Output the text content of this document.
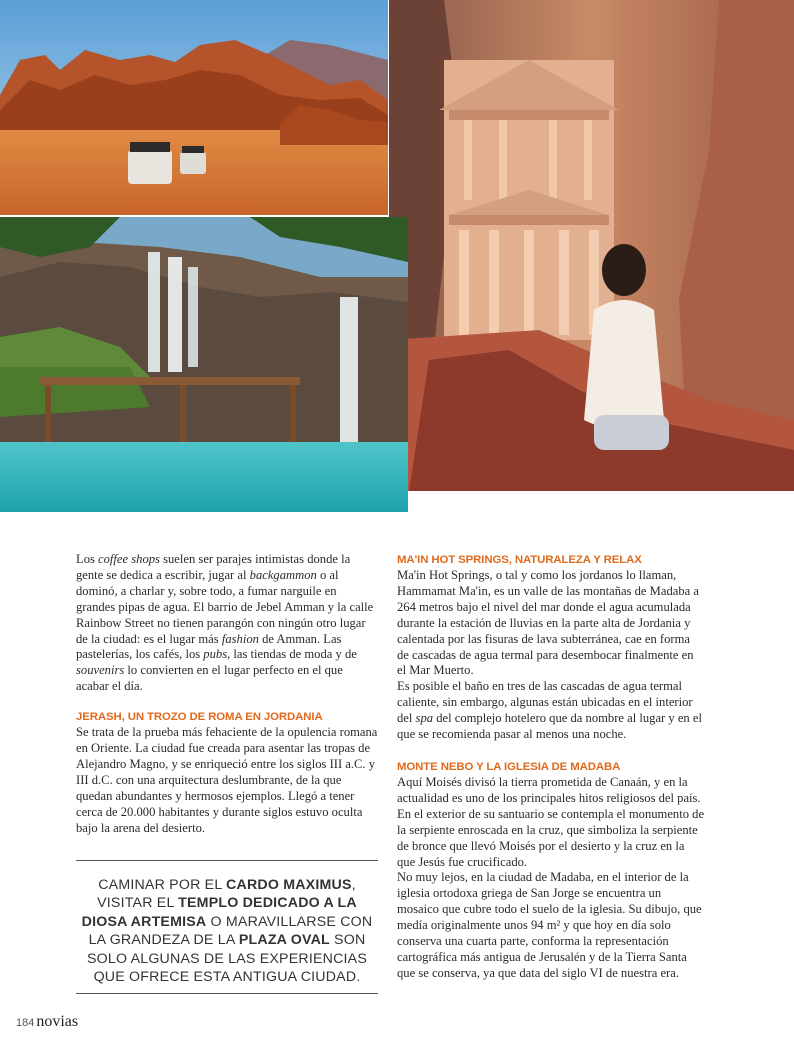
Los coffee shops suelen ser parajes intimistas donde la gente se dedica a escribir, jugar al backgammon o al dominó, a charlar y, sobre todo, a fumar narguile en grandes pipas de agua. El barrio de Jebel Amman y la calle Rainbow Street no tienen parangón con ningún otro lugar de la ciudad: es el lugar más fashion de Amman. Las pastelerías, los cafés, los pubs, las tiendas de moda y de souvenirs lo convierten en el lugar perfecto en el que acabar el día.

JERASH, UN TROZO DE ROMA EN JORDANIA

Se trata de la prueba más fehaciente de la opulencia romana en Oriente. La ciudad fue creada para asentar las tropas de Alejandro Magno, y se enriqueció entre los siglos III a.C. y III d.C. con una arquitectura deslumbrante, de la que quedan abundantes y hermosos ejemplos. Llegó a tener cerca de 20.000 habitantes y durante siglos estuvo oculta bajo la arena del desierto.

CAMINAR POR EL CARDO MAXIMUS, VISITAR EL TEMPLO DEDICADO A LA DIOSA ARTEMISA O MARAVILLARSE CON LA GRANDEZA DE LA PLAZA OVAL SON SOLO ALGUNAS DE LAS EXPERIENCIAS QUE OFRECE ESTA ANTIGUA CIUDAD.
MA'IN HOT SPRINGS, NATURALEZA Y RELAX

Ma'in Hot Springs, o tal y como los jordanos lo llaman, Hammamat Ma'in, es un valle de las montañas de Madaba a 264 metros bajo el nivel del mar donde el agua acumulada durante la estación de lluvias en la parte alta de Jordania y calentada por las fisuras de lava subterránea, cae en forma de cascadas de agua termal para desembocar finalmente en el Mar Muerto.

Es posible el baño en tres de las cascadas de agua termal caliente, sin embargo, algunas están ubicadas en el interior del spa del complejo hotelero que da nombre al lugar y en el que se recomienda pasar al menos una noche.

MONTE NEBO Y LA IGLESIA DE MADABA

Aquí Moisés divisó la tierra prometida de Canaán, y en la actualidad es uno de los principales hitos religiosos del país. En el exterior de su santuario se contempla el monumento de la serpiente enroscada en la cruz, que simboliza la serpiente de bronce que llevó Moisés por el desierto y la cruz en la que Jesús fue crucificado.

No muy lejos, en la ciudad de Madaba, en el interior de la iglesia ortodoxa griega de San Jorge se encuentra un mosaico que cubre todo el suelo de la iglesia. Su dibujo, que medía originalmente unos 94 m² y que hoy en día solo conserva una cuarta parte, conforma la representación cartográfica más antigua de Jerusalén y de la Tierra Santa que se conserva, ya que data del siglo VI de nuestra era.

184 novias
